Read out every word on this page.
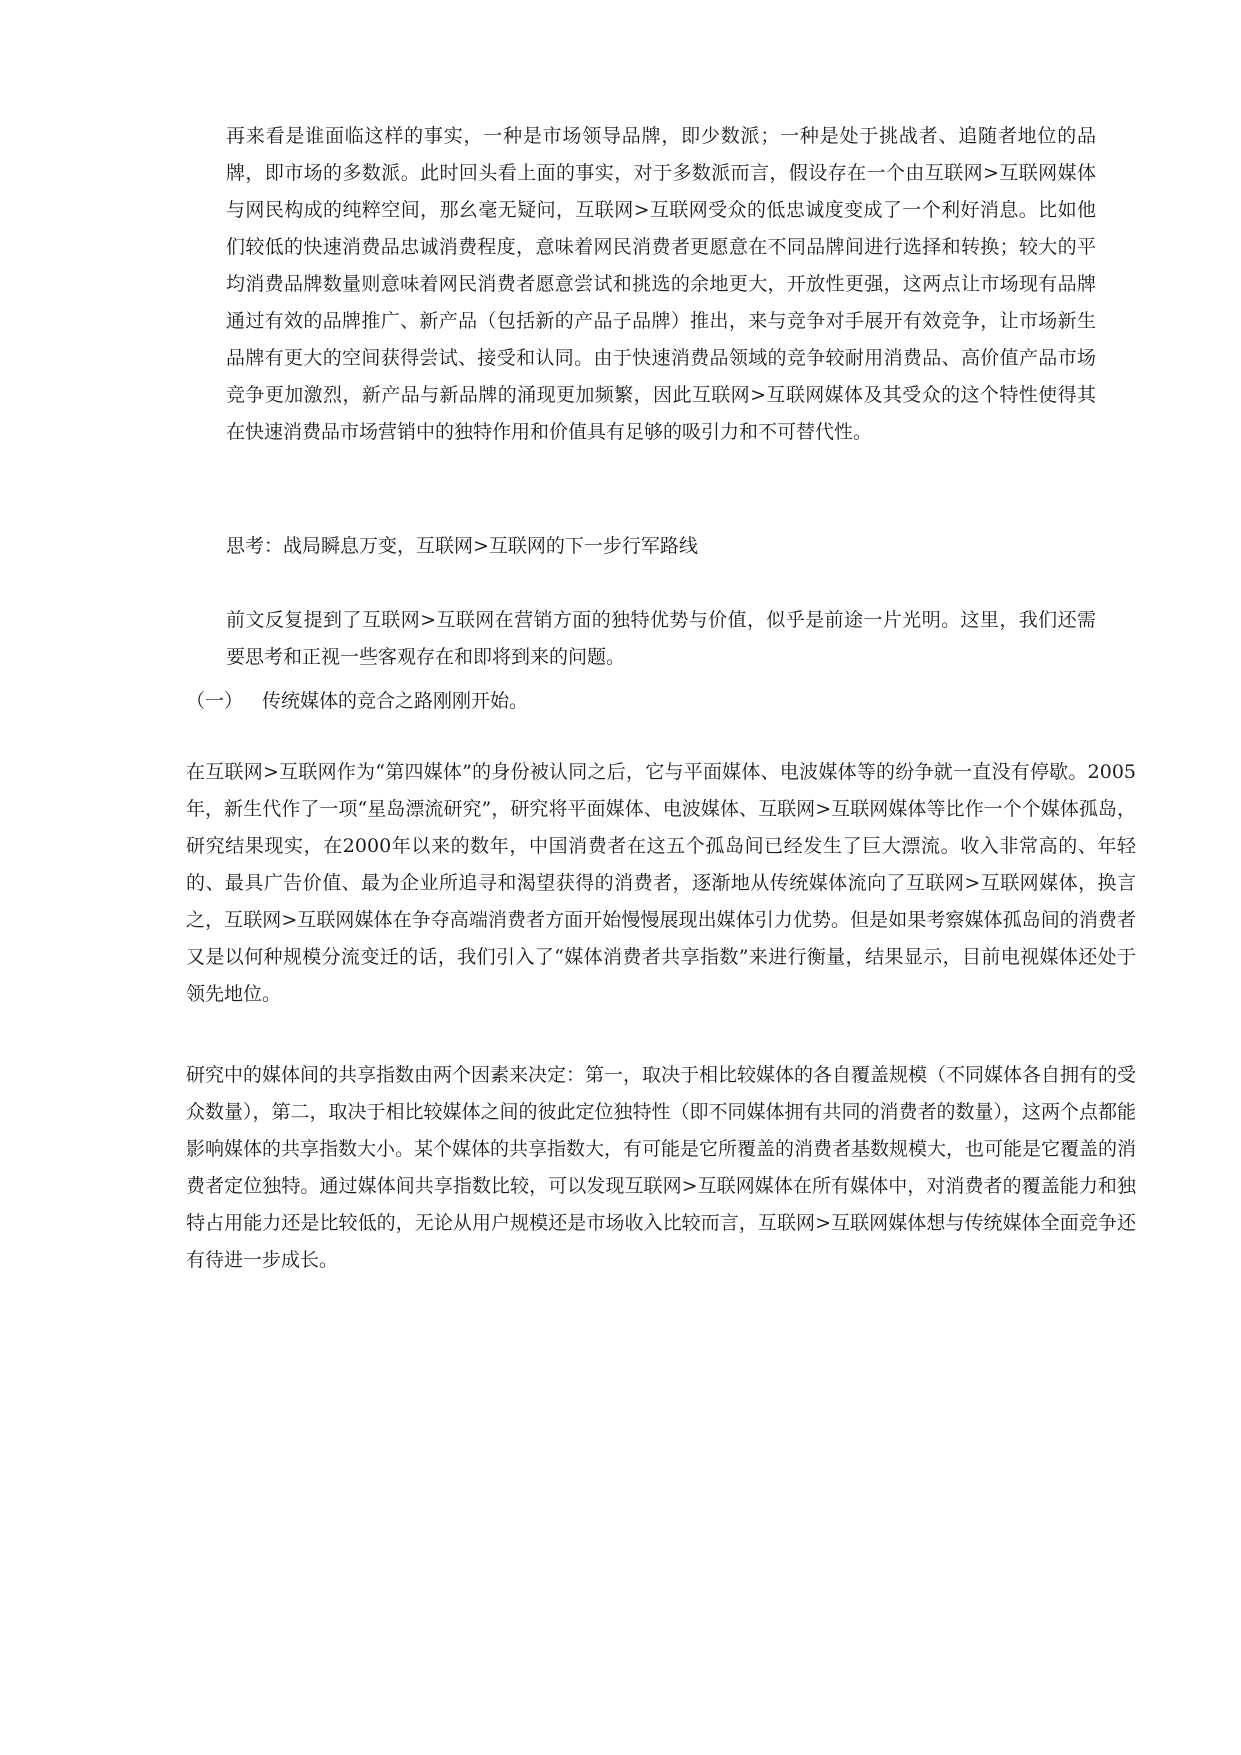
再来看是谁面临这样的事实，一种是市场领导品牌，即少数派；一种是处于挑战者、追随者地位的品牌，即市场的多数派。此时回头看上面的事实，对于多数派而言，假设存在一个由互联网>互联网媒体与网民构成的纯粹空间，那幺毫无疑问，互联网>互联网受众的低忠诚度变成了一个利好消息。比如他们较低的快速消费品忠诚消费程度，意味着网民消费者更愿意在不同品牌间进行选择和转换；较大的平均消费品牌数量则意味着网民消费者愿意尝试和挑选的余地更大，开放性更强，这两点让市场现有品牌通过有效的品牌推广、新产品（包括新的产品子品牌）推出，来与竞争对手展开有效竞争，让市场新生品牌有更大的空间获得尝试、接受和认同。由于快速消费品领域的竞争较耐用消费品、高价值产品市场竞争更加激烈，新产品与新品牌的涌现更加频繁，因此互联网>互联网媒体及其受众的这个特性使得其在快速消费品市场营销中的独特作用和价值具有足够的吸引力和不可替代性。

思考：战局瞬息万变，互联网>互联网的下一步行军路线

前文反复提到了互联网>互联网在营销方面的独特优势与价值，似乎是前途一片光明。这里，我们还需要思考和正视一些客观存在和即将到来的问题。

（一） 传统媒体的竞合之路刚刚开始。

在互联网>互联网作为“第四媒体”的身份被认同之后，它与平面媒体、电波媒体等的纷争就一直没有停歇。2005年，新生代作了一项“星岛漂流研究”，研究将平面媒体、电波媒体、互联网>互联网媒体等比作一个个媒体孤岛，研究结果现实，在2000年以来的数年，中国消费者在这五个孤岛间已经发生了巨大漂流。收入非常高的、年轻的、最具广告价值、最为企业所追寻和渴望获得的消费者，逐渐地从传统媒体流向了互联网>互联网媒体，换言之，互联网>互联网媒体在争夺高端消费者方面开始慢慢展现出媒体引力优势。但是如果考察媒体孤岛间的消费者又是以何种规模分流变迁的话，我们引入了“媒体消费者共享指数”来进行衡量，结果显示，目前电视媒体还处于领先地位。

研究中的媒体间的共享指数由两个因素来决定：第一，取决于相比较媒体的各自覆盖规模（不同媒体各自拥有的受众数量），第二，取决于相比较媒体之间的彼此定位独特性（即不同媒体拥有共同的消费者的数量），这两个点都能影响媒体的共享指数大小。某个媒体的共享指数大，有可能是它所覆盖的消费者基数规模大，也可能是它覆盖的消费者定位独特。通过媒体间共享指数比较，可以发现互联网>互联网媒体在所有媒体中，对消费者的覆盖能力和独特占用能力还是比较低的，无论从用户规模还是市场收入比较而言，互联网>互联网媒体想与传统媒体全面竞争还有待进一步成长。
